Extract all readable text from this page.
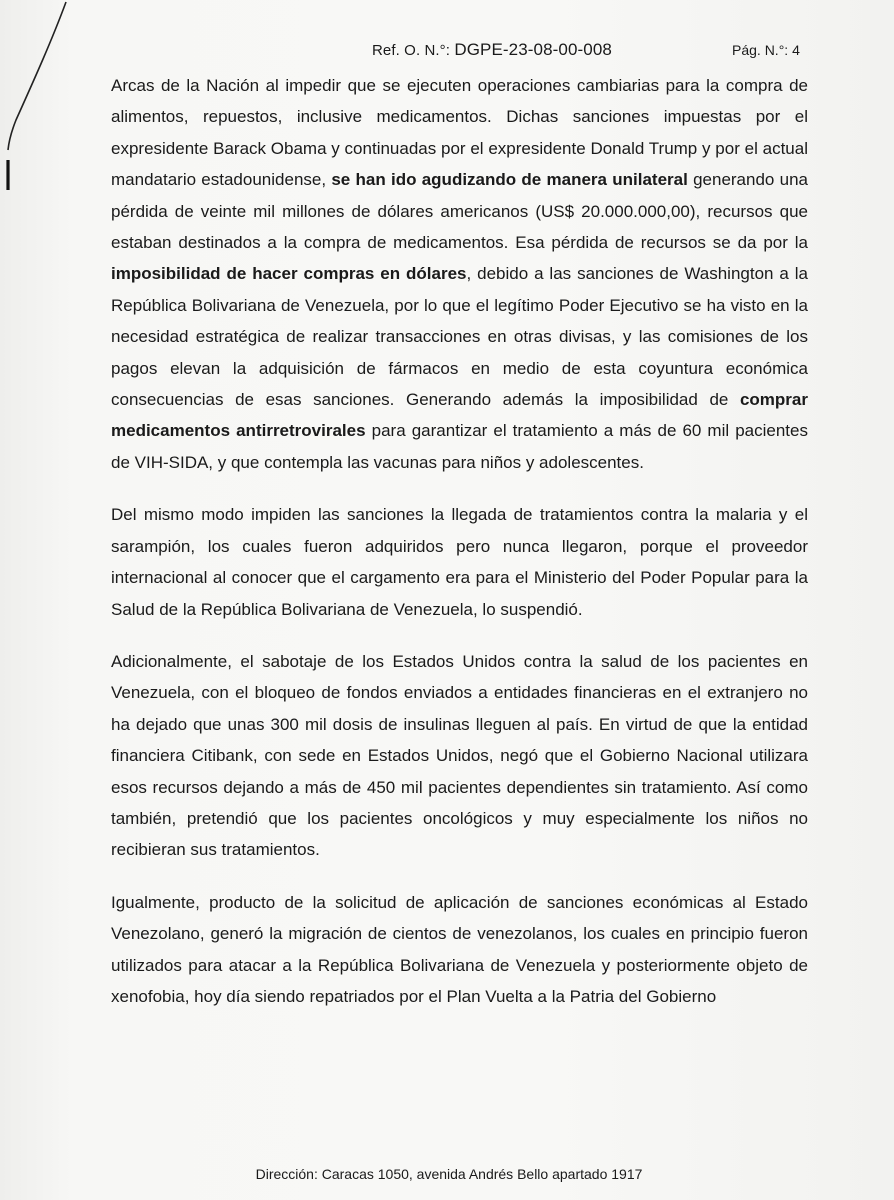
Ref. O. N.°: DGPE-23-08-00-008	Pág. N.°: 4

Arcas de la Nación al impedir que se ejecuten operaciones cambiarias para la compra de alimentos, repuestos, inclusive medicamentos. Dichas sanciones impuestas por el expresidente Barack Obama y continuadas por el expresidente Donald Trump y por el actual mandatario estadounidense, se han ido agudizando de manera unilateral generando una pérdida de veinte mil millones de dólares americanos (US$ 20.000.000,00), recursos que estaban destinados a la compra de medicamentos. Esa pérdida de recursos se da por la imposibilidad de hacer compras en dólares, debido a las sanciones de Washington a la República Bolivariana de Venezuela, por lo que el legítimo Poder Ejecutivo se ha visto en la necesidad estratégica de realizar transacciones en otras divisas, y las comisiones de los pagos elevan la adquisición de fármacos en medio de esta coyuntura económica consecuencias de esas sanciones. Generando además la imposibilidad de comprar medicamentos antirretrovirales para garantizar el tratamiento a más de 60 mil pacientes de VIH-SIDA, y que contempla las vacunas para niños y adolescentes.

Del mismo modo impiden las sanciones la llegada de tratamientos contra la malaria y el sarampión, los cuales fueron adquiridos pero nunca llegaron, porque el proveedor internacional al conocer que el cargamento era para el Ministerio del Poder Popular para la Salud de la República Bolivariana de Venezuela, lo suspendió.

Adicionalmente, el sabotaje de los Estados Unidos contra la salud de los pacientes en Venezuela, con el bloqueo de fondos enviados a entidades financieras en el extranjero no ha dejado que unas 300 mil dosis de insulinas lleguen al país. En virtud de que la entidad financiera Citibank, con sede en Estados Unidos, negó que el Gobierno Nacional utilizara esos recursos dejando a más de 450 mil pacientes dependientes sin tratamiento. Así como también, pretendió que los pacientes oncológicos y muy especialmente los niños no recibieran sus tratamientos.

Igualmente, producto de la solicitud de aplicación de sanciones económicas al Estado Venezolano, generó la migración de cientos de venezolanos, los cuales en principio fueron utilizados para atacar a la República Bolivariana de Venezuela y posteriormente objeto de xenofobia, hoy día siendo repatriados por el Plan Vuelta a la Patria del Gobierno

Dirección: Caracas 1050, avenida Andrés Bello apartado 1917
